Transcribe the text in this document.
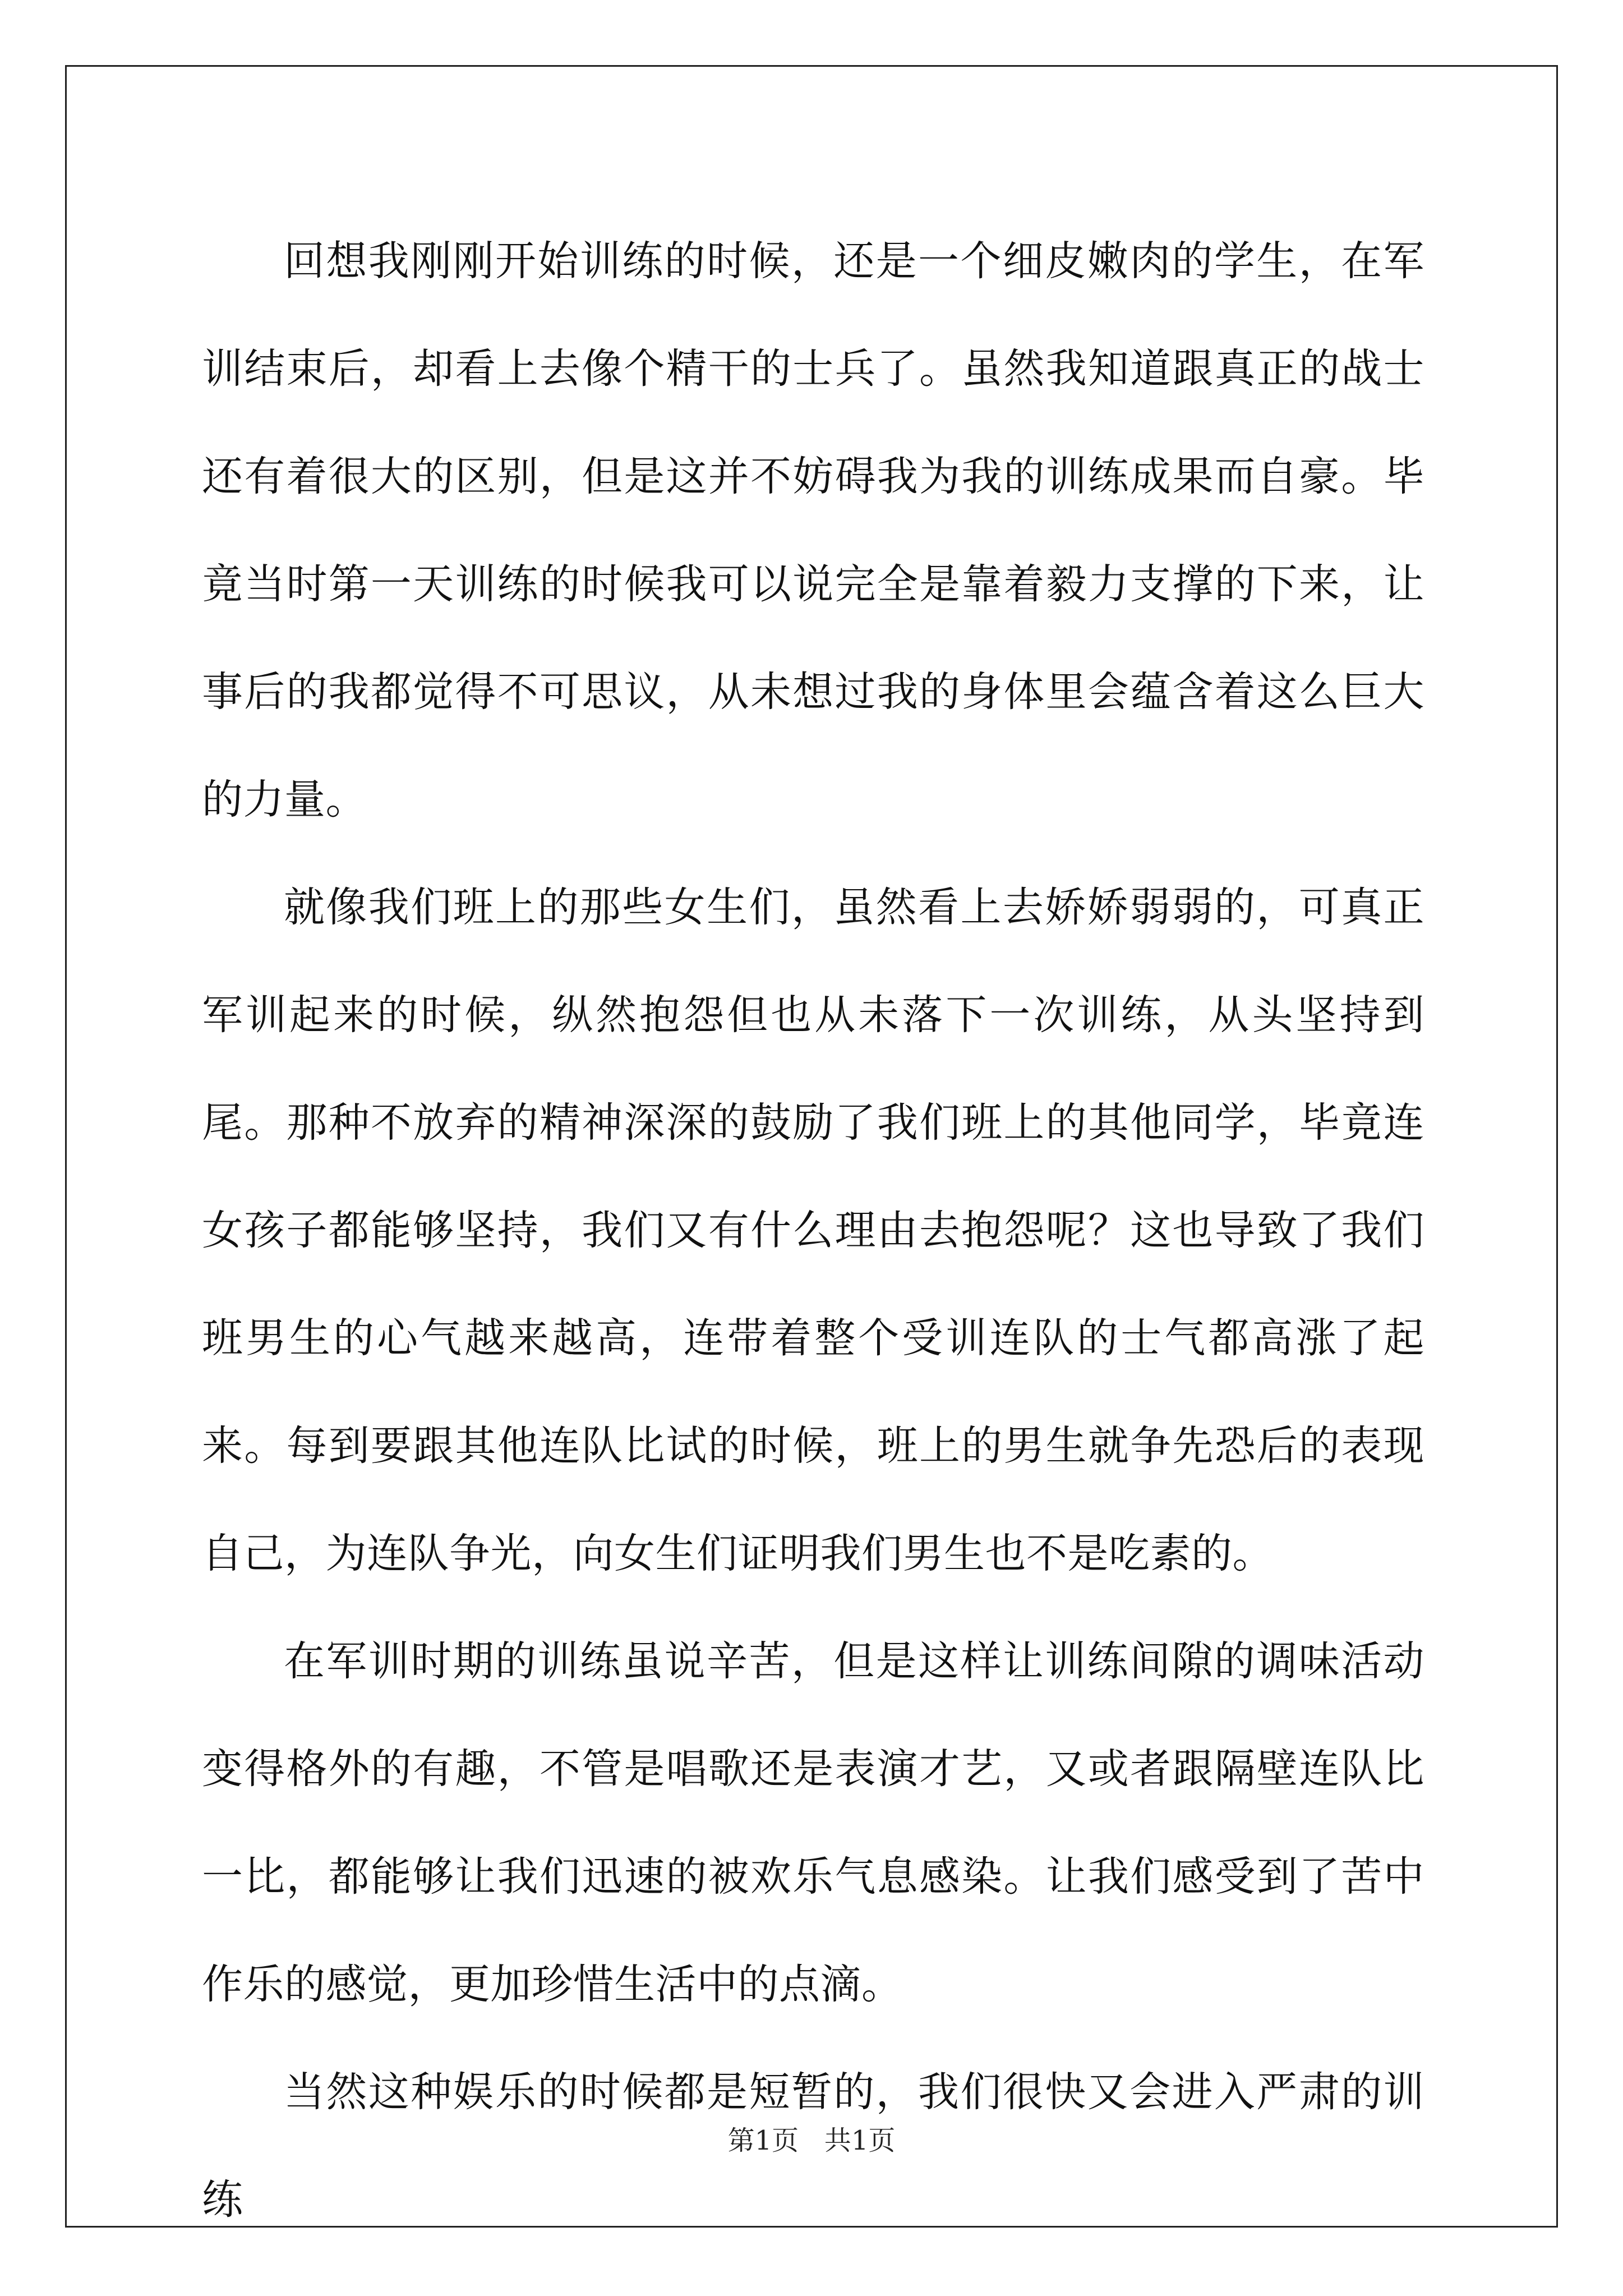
回想我刚刚开始训练的时候，还是一个细皮嫩肉的学生，在军训结束后，却看上去像个精干的士兵了。虽然我知道跟真正的战士还有着很大的区别，但是这并不妨碍我为我的训练成果而自豪。毕竟当时第一天训练的时候我可以说完全是靠着毅力支撑的下来，让事后的我都觉得不可思议，从未想过我的身体里会蕴含着这么巨大的力量。

就像我们班上的那些女生们，虽然看上去娇娇弱弱的，可真正军训起来的时候，纵然抱怨但也从未落下一次训练，从头坚持到尾。那种不放弃的精神深深的鼓励了我们班上的其他同学，毕竟连女孩子都能够坚持，我们又有什么理由去抱怨呢？这也导致了我们班男生的心气越来越高，连带着整个受训连队的士气都高涨了起来。每到要跟其他连队比试的时候，班上的男生就争先恐后的表现自己，为连队争光，向女生们证明我们男生也不是吃素的。

在军训时期的训练虽说辛苦，但是这样让训练间隙的调味活动变得格外的有趣，不管是唱歌还是表演才艺，又或者跟隔壁连队比一比，都能够让我们迅速的被欢乐气息感染。让我们感受到了苦中作乐的感觉，更加珍惜生活中的点滴。

当然这种娱乐的时候都是短暂的，我们很快又会进入严肃的训练

第1页 共1页
